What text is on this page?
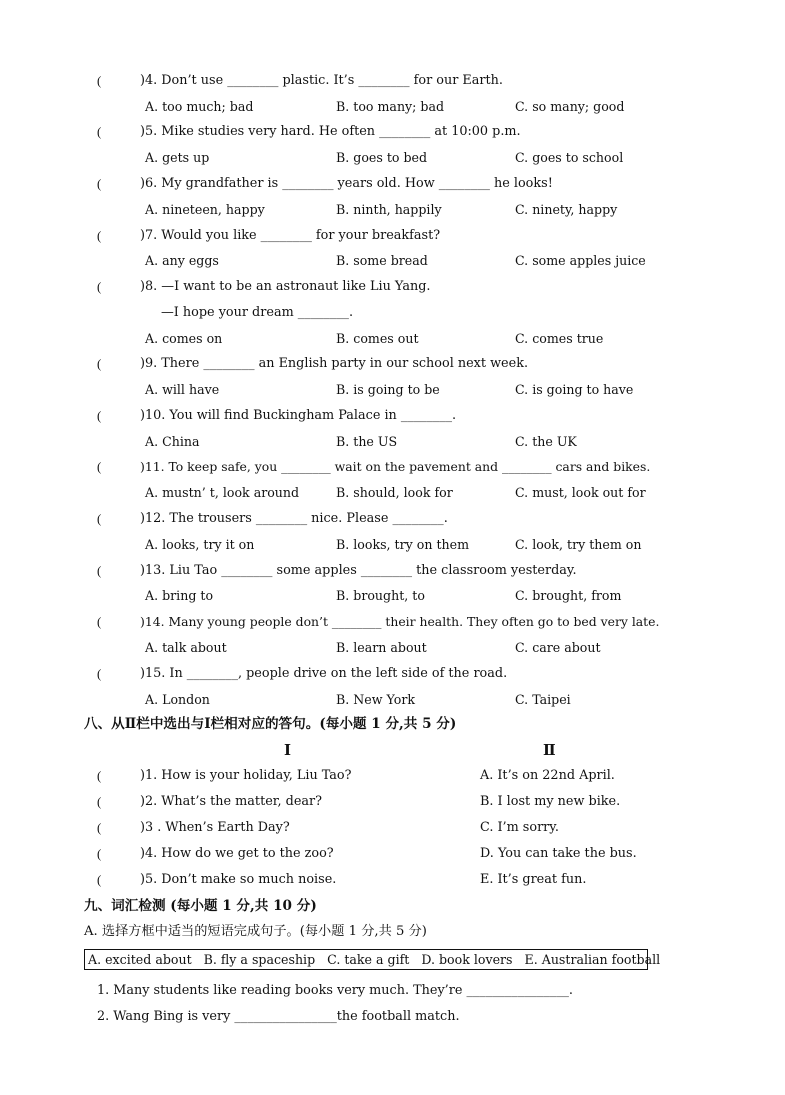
(	)4. Don’t use ________ plastic. It’s ________ for our Earth.
A. too much; bad	B. too many; bad	C. so many; good
(	)5. Mike studies very hard. He often ________ at 10:00 p.m.
A. gets up	B. goes to bed	C. goes to school
(	)6. My grandfather is ________ years old. How ________ he looks!
A. nineteen, happy	B. ninth, happily	C. ninety, happy
(	)7. Would you like ________ for your breakfast?
A. any eggs	B. some bread	C. some apples juice
(	)8. —I want to be an astronaut like Liu Yang.
—I hope your dream ________.
A. comes on	B. comes out	C. comes true
(	)9. There ________ an English party in our school next week.
A. will have	B. is going to be	C. is going to have
(	)10. You will find Buckingham Palace in ________.
A. China	B. the US	C. the UK
(	)11. To keep safe, you ________ wait on the pavement and ________ cars and bikes.
A. mustn’ t, look around	B. should, look for	C. must, look out for
(	)12. The trousers ________ nice. Please ________.
A. looks, try it on	B. looks, try on them	C. look, try them on
(	)13. Liu Tao ________ some apples ________ the classroom yesterday.
A. bring to	B. brought, to	C. brought, from
(	)14. Many young people don’t ________ their health. They often go to bed very late.
A. talk about	B. learn about	C. care about
(	)15. In ________, people drive on the left side of the road.
A. London	B. New York	C. Taipei
八、从Ⅱ栏中选出与Ⅰ栏相对应的答句。(每小题 1 分,共 5 分)
Ⅰ	Ⅱ
(	)1. How is your holiday, Liu Tao?	A. It’s on 22nd April.
(	)2. What’s the matter, dear?	B. I lost my new bike.
(	)3 . When’s Earth Day?	C. I’m sorry.
(	)4. How do we get to the zoo?	D. You can take the bus.
(	)5. Don’t make so much noise.	E. It’s great fun.
九、词汇检测 (每小题 1 分,共 10 分)
A. 选择方框中适当的短语完成句子。(每小题 1 分,共 5 分)
A. excited about   B. fly a spaceship   C. take a gift   D. book lovers   E. Australian football
1. Many students like reading books very much. They’re ________________.
2. Wang Bing is very ________________the football match.
